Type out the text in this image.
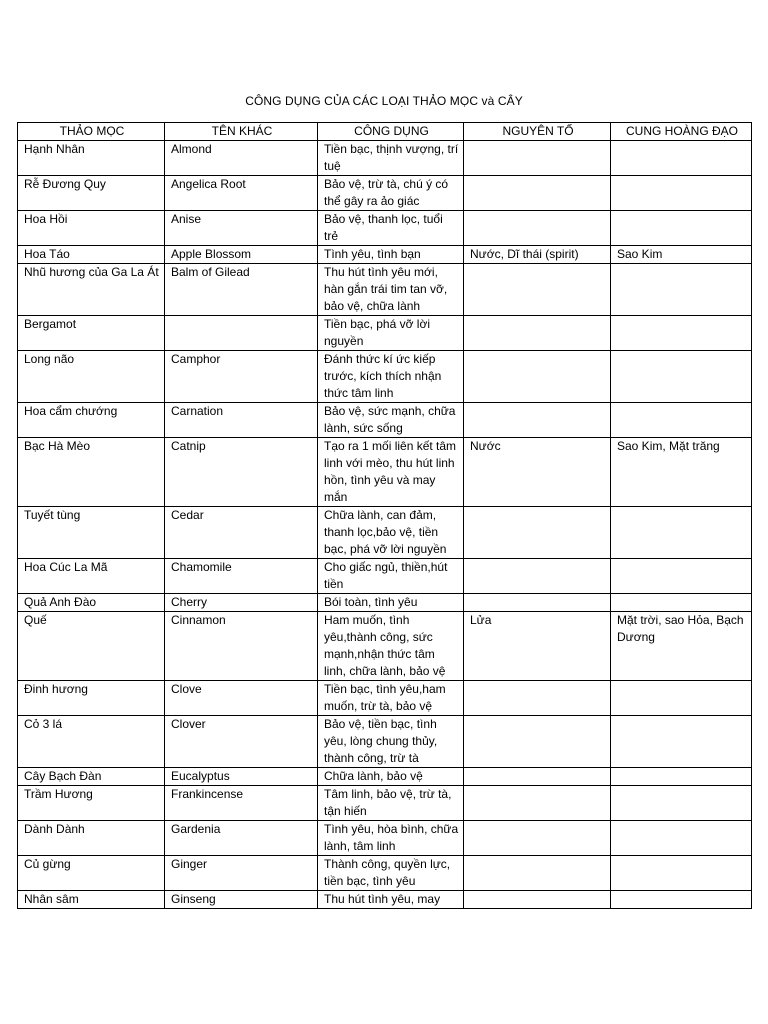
CÔNG DỤNG CỦA CÁC LOẠI THẢO MỌC và CÂY
THẢO MỌC	TÊN KHÁC	CÔNG DỤNG	NGUYÊN TỐ	CUNG HOÀNG ĐẠO
Hạnh Nhân	Almond	Tiền bạc, thịnh vượng, trí tuệ		
Rễ Đương Quy	Angelica Root	Bảo vệ, trừ tà, chú ý có thể gây ra ảo giác		
Hoa Hồi	Anise	Bảo vệ, thanh lọc, tuổi trẻ		
Hoa Táo	Apple Blossom	Tình yêu, tình bạn	Nước, Dĩ thái (spirit)	Sao Kim
Nhũ hương của Ga La Át	Balm of Gilead	Thu hút tình yêu mới, hàn gắn trái tim tan vỡ, bảo vệ, chữa lành		
Bergamot		Tiền bạc, phá vỡ lời nguyền		
Long não	Camphor	Đánh thức kí ức kiếp trước, kích thích nhận thức tâm linh		
Hoa cẩm chướng	Carnation	Bảo vệ, sức mạnh, chữa lành, sức sống		
Bạc Hà Mèo	Catnip	Tạo ra 1 mối liên kết tâm linh với mèo, thu hút linh hồn, tình yêu và may mắn	Nước	Sao Kim, Mặt trăng
Tuyết tùng	Cedar	Chữa lành, can đảm, thanh lọc,bảo vệ, tiền bạc, phá vỡ lời nguyền		
Hoa Cúc La Mã	Chamomile	Cho giấc ngủ, thiền,hút tiền		
Quả Anh Đào	Cherry	Bói toàn, tình yêu		
Quế	Cinnamon	Ham muốn, tình yêu,thành công, sức mạnh,nhận thức tâm linh, chữa lành, bảo vệ	Lửa	Mặt trời, sao Hỏa, Bạch Dương
Đinh hương	Clove	Tiền bạc, tình yêu,ham muốn, trừ tà, bảo vệ		
Cỏ 3 lá	Clover	Bảo vệ, tiền bạc, tình yêu, lòng chung thủy, thành công, trừ tà		
Cây Bạch Đàn	Eucalyptus	Chữa lành, bảo vệ		
Trầm Hương	Frankincense	Tâm linh, bảo vệ, trừ tà, tận hiến		
Dành Dành	Gardenia	Tình yêu, hòa bình, chữa lành, tâm linh		
Củ gừng	Ginger	Thành công, quyền lực, tiền bạc, tình yêu		
Nhân sâm	Ginseng	Thu hút tình yêu, may		
